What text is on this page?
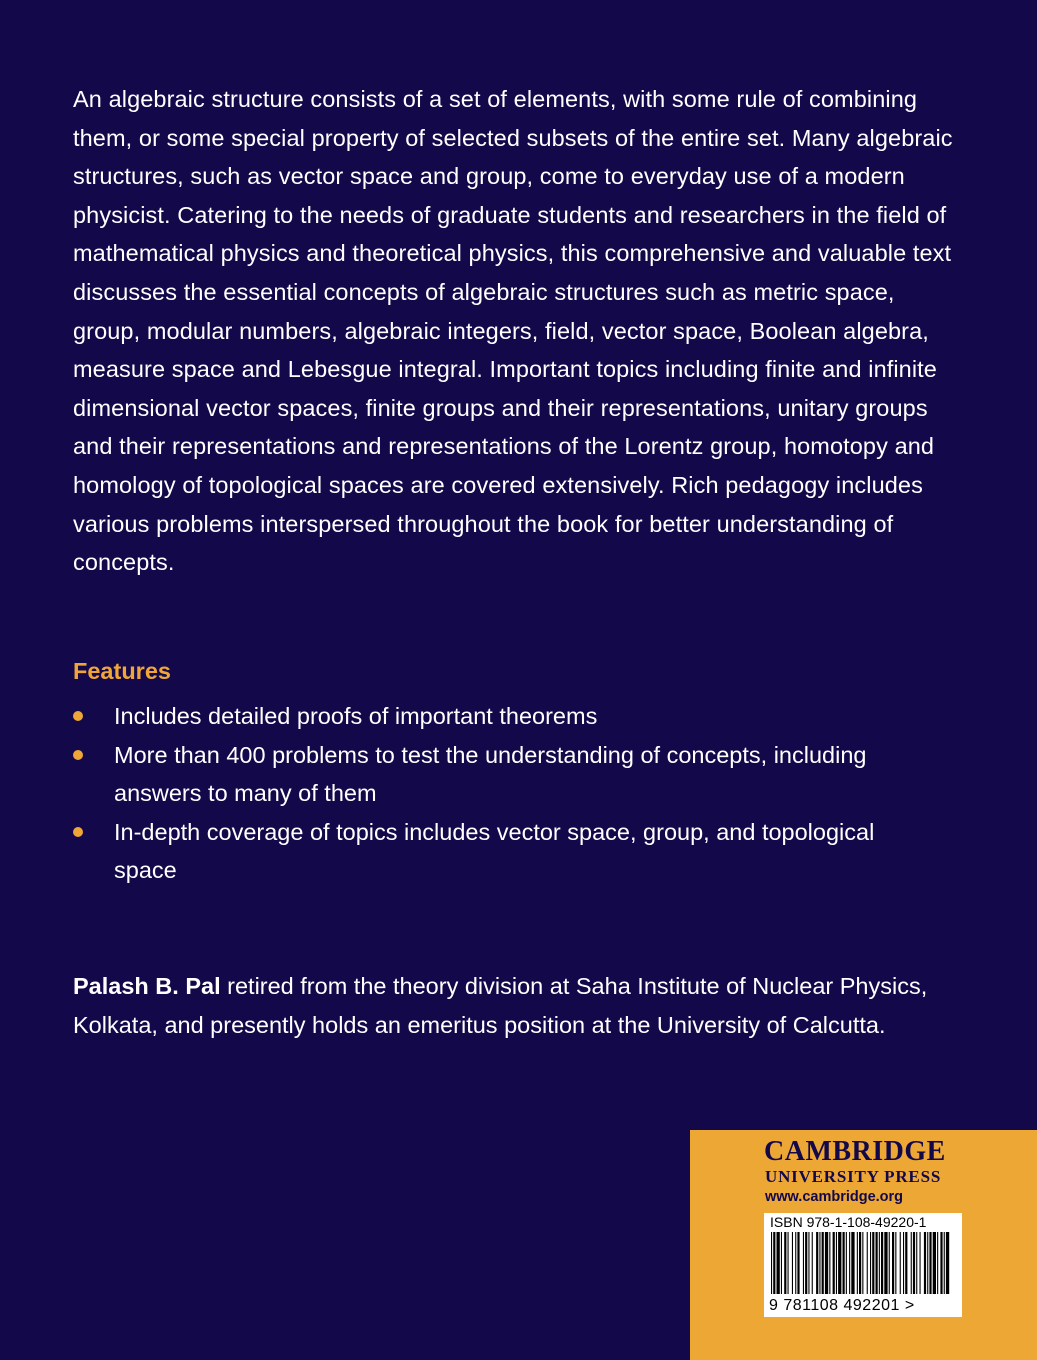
An algebraic structure consists of a set of elements, with some rule of combining them, or some special property of selected subsets of the entire set. Many algebraic structures, such as vector space and group, come to everyday use of a modern physicist. Catering to the needs of graduate students and researchers in the field of mathematical physics and theoretical physics, this comprehensive and valuable text discusses the essential concepts of algebraic structures such as metric space, group, modular numbers, algebraic integers, field, vector space, Boolean algebra, measure space and Lebesgue integral. Important topics including finite and infinite dimensional vector spaces, finite groups and their representations, unitary groups and their representations and representations of the Lorentz group, homotopy and homology of topological spaces are covered extensively. Rich pedagogy includes various problems interspersed throughout the book for better understanding of concepts.

Features
Includes detailed proofs of important theorems
More than 400 problems to test the understanding of concepts, including answers to many of them
In-depth coverage of topics includes vector space, group, and topological space

Palash B. Pal retired from the theory division at Saha Institute of Nuclear Physics, Kolkata, and presently holds an emeritus position at the University of Calcutta.

CAMBRIDGE
UNIVERSITY PRESS
www.cambridge.org
ISBN 978-1-108-49220-1
9 781108 492201 >
